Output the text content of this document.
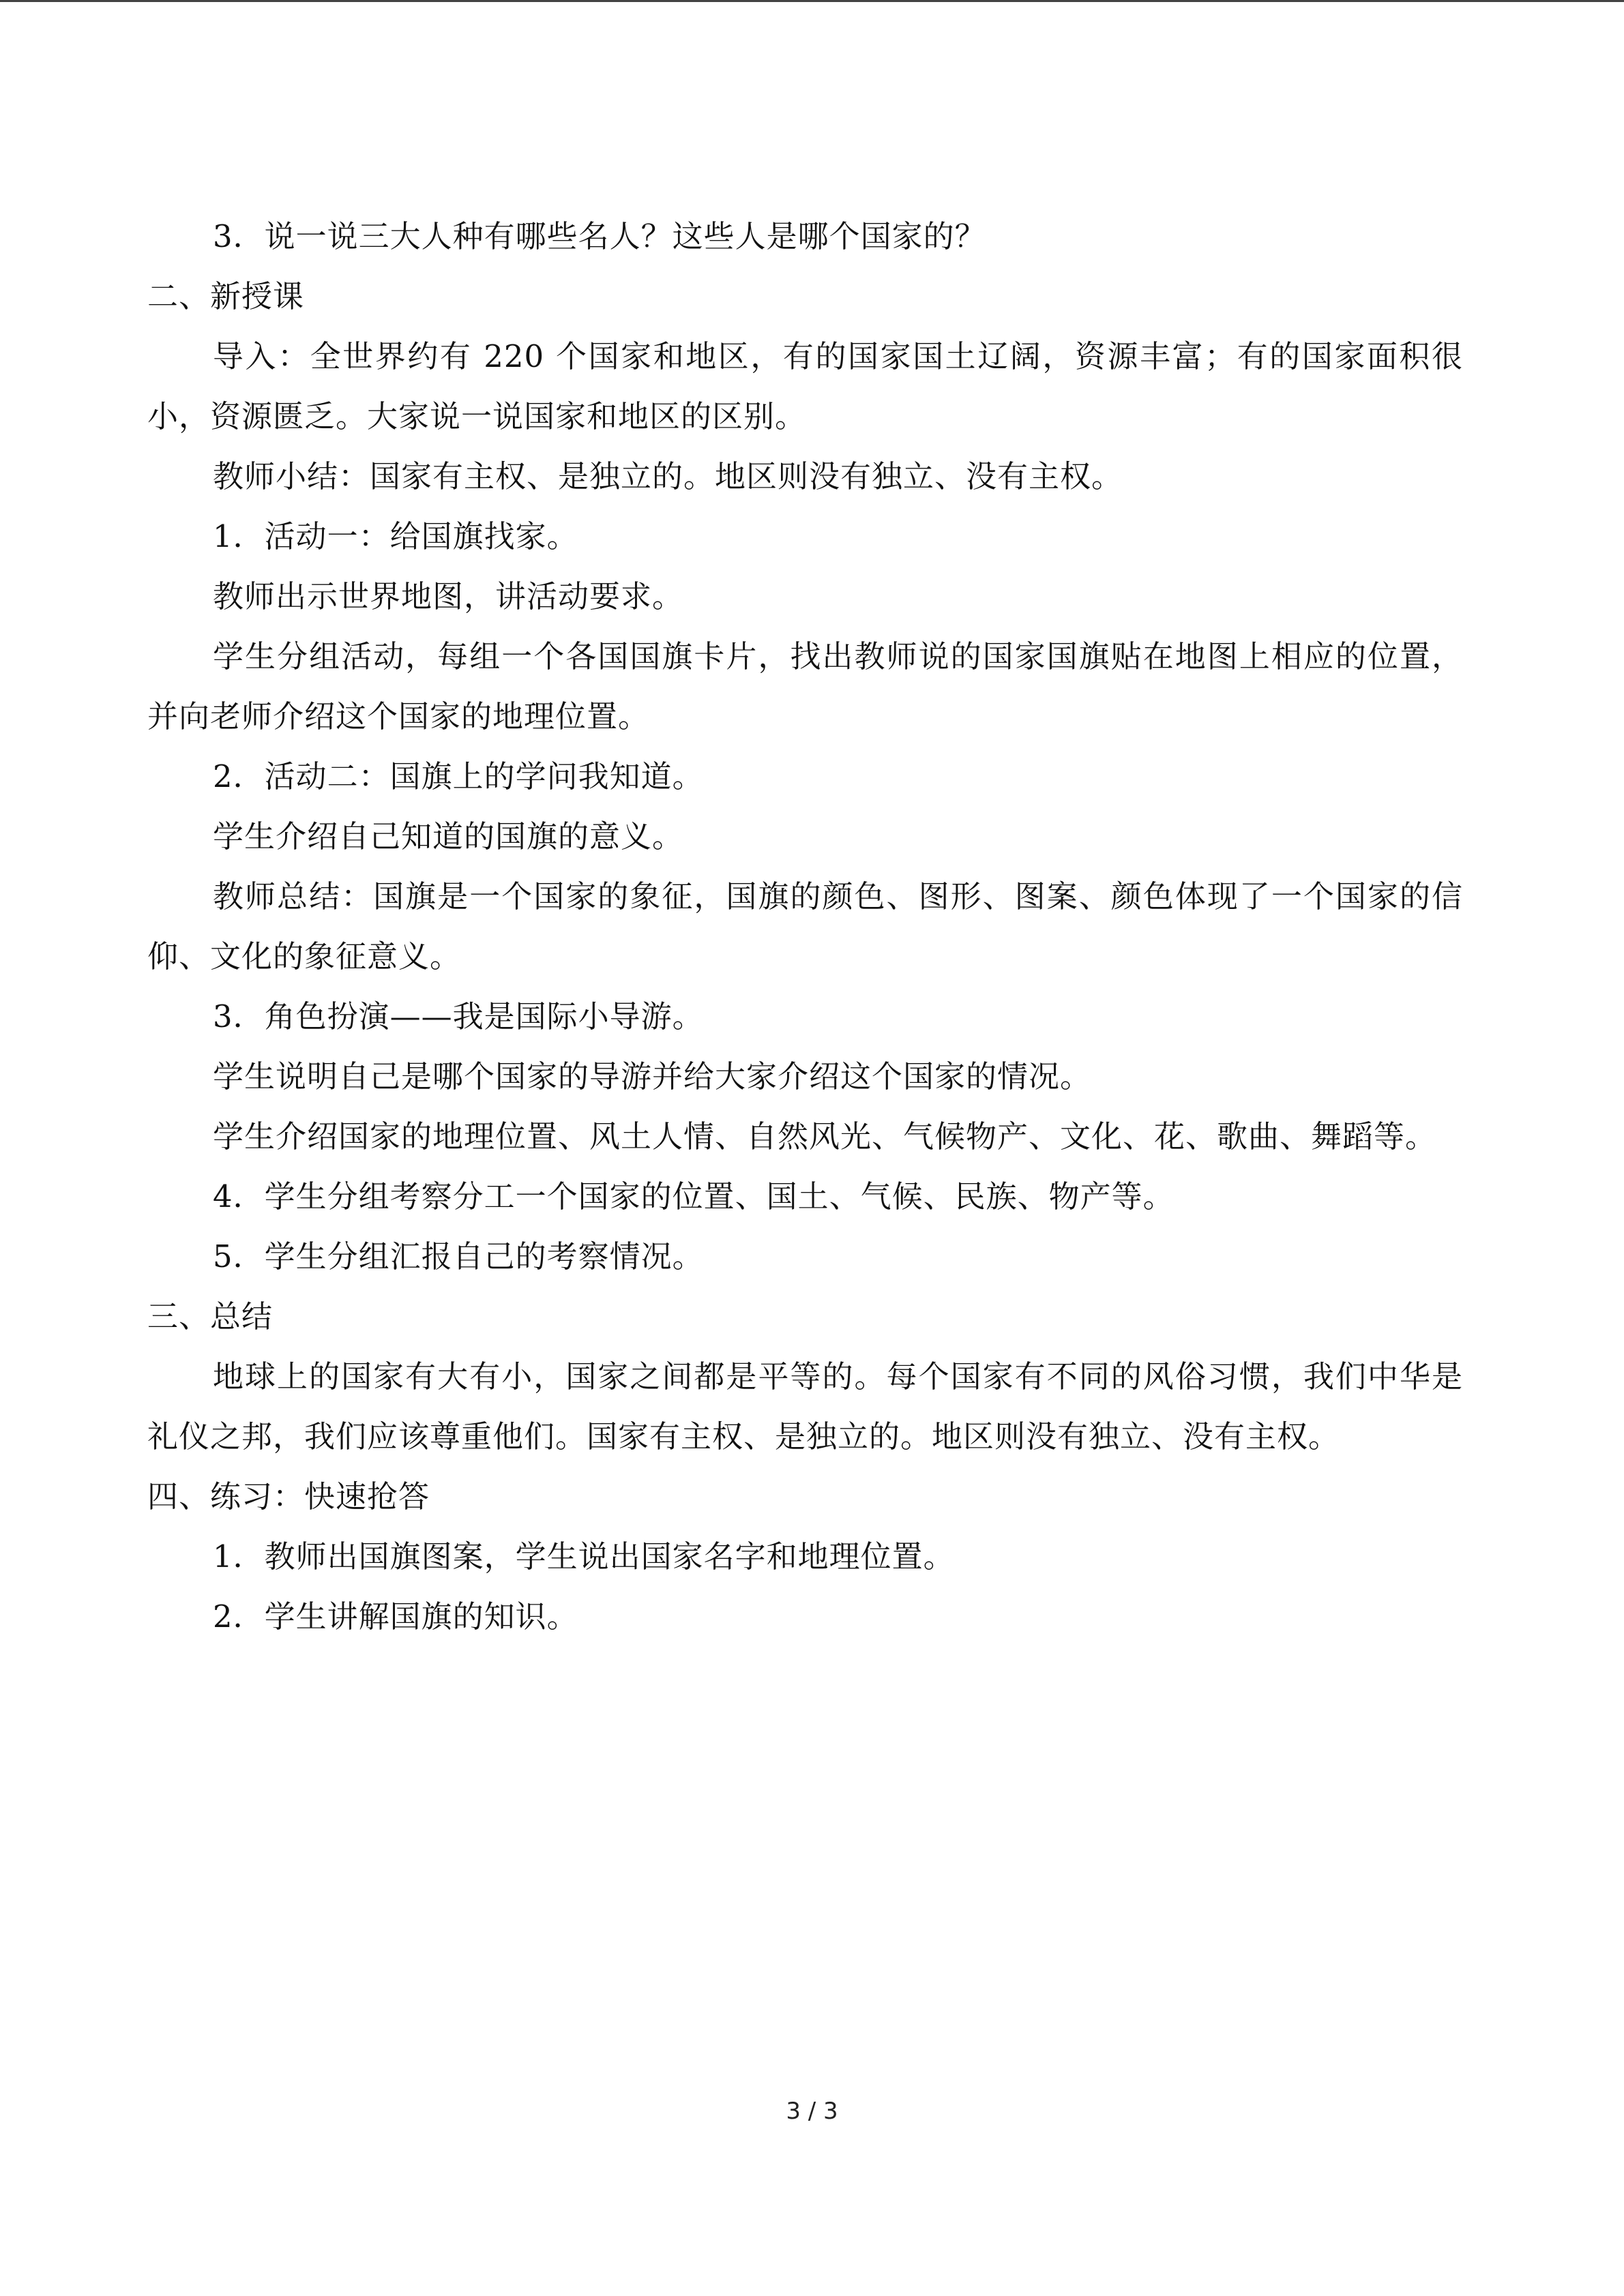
3．说一说三大人种有哪些名人？这些人是哪个国家的？

二、新授课

导入：全世界约有 220 个国家和地区，有的国家国土辽阔，资源丰富；有的国家面积很小，资源匮乏。大家说一说国家和地区的区别。

教师小结：国家有主权、是独立的。地区则没有独立、没有主权。

1．活动一：给国旗找家。

教师出示世界地图，讲活动要求。

学生分组活动，每组一个各国国旗卡片，找出教师说的国家国旗贴在地图上相应的位置，并向老师介绍这个国家的地理位置。

2．活动二：国旗上的学问我知道。

学生介绍自己知道的国旗的意义。

教师总结：国旗是一个国家的象征，国旗的颜色、图形、图案、颜色体现了一个国家的信仰、文化的象征意义。

3．角色扮演——我是国际小导游。

学生说明自己是哪个国家的导游并给大家介绍这个国家的情况。

学生介绍国家的地理位置、风土人情、自然风光、气候物产、文化、花、歌曲、舞蹈等。

4．学生分组考察分工一个国家的位置、国土、气候、民族、物产等。

5．学生分组汇报自己的考察情况。

三、总结

地球上的国家有大有小，国家之间都是平等的。每个国家有不同的风俗习惯，我们中华是礼仪之邦，我们应该尊重他们。国家有主权、是独立的。地区则没有独立、没有主权。

四、练习：快速抢答

1．教师出国旗图案，学生说出国家名字和地理位置。

2．学生讲解国旗的知识。

3 / 3
